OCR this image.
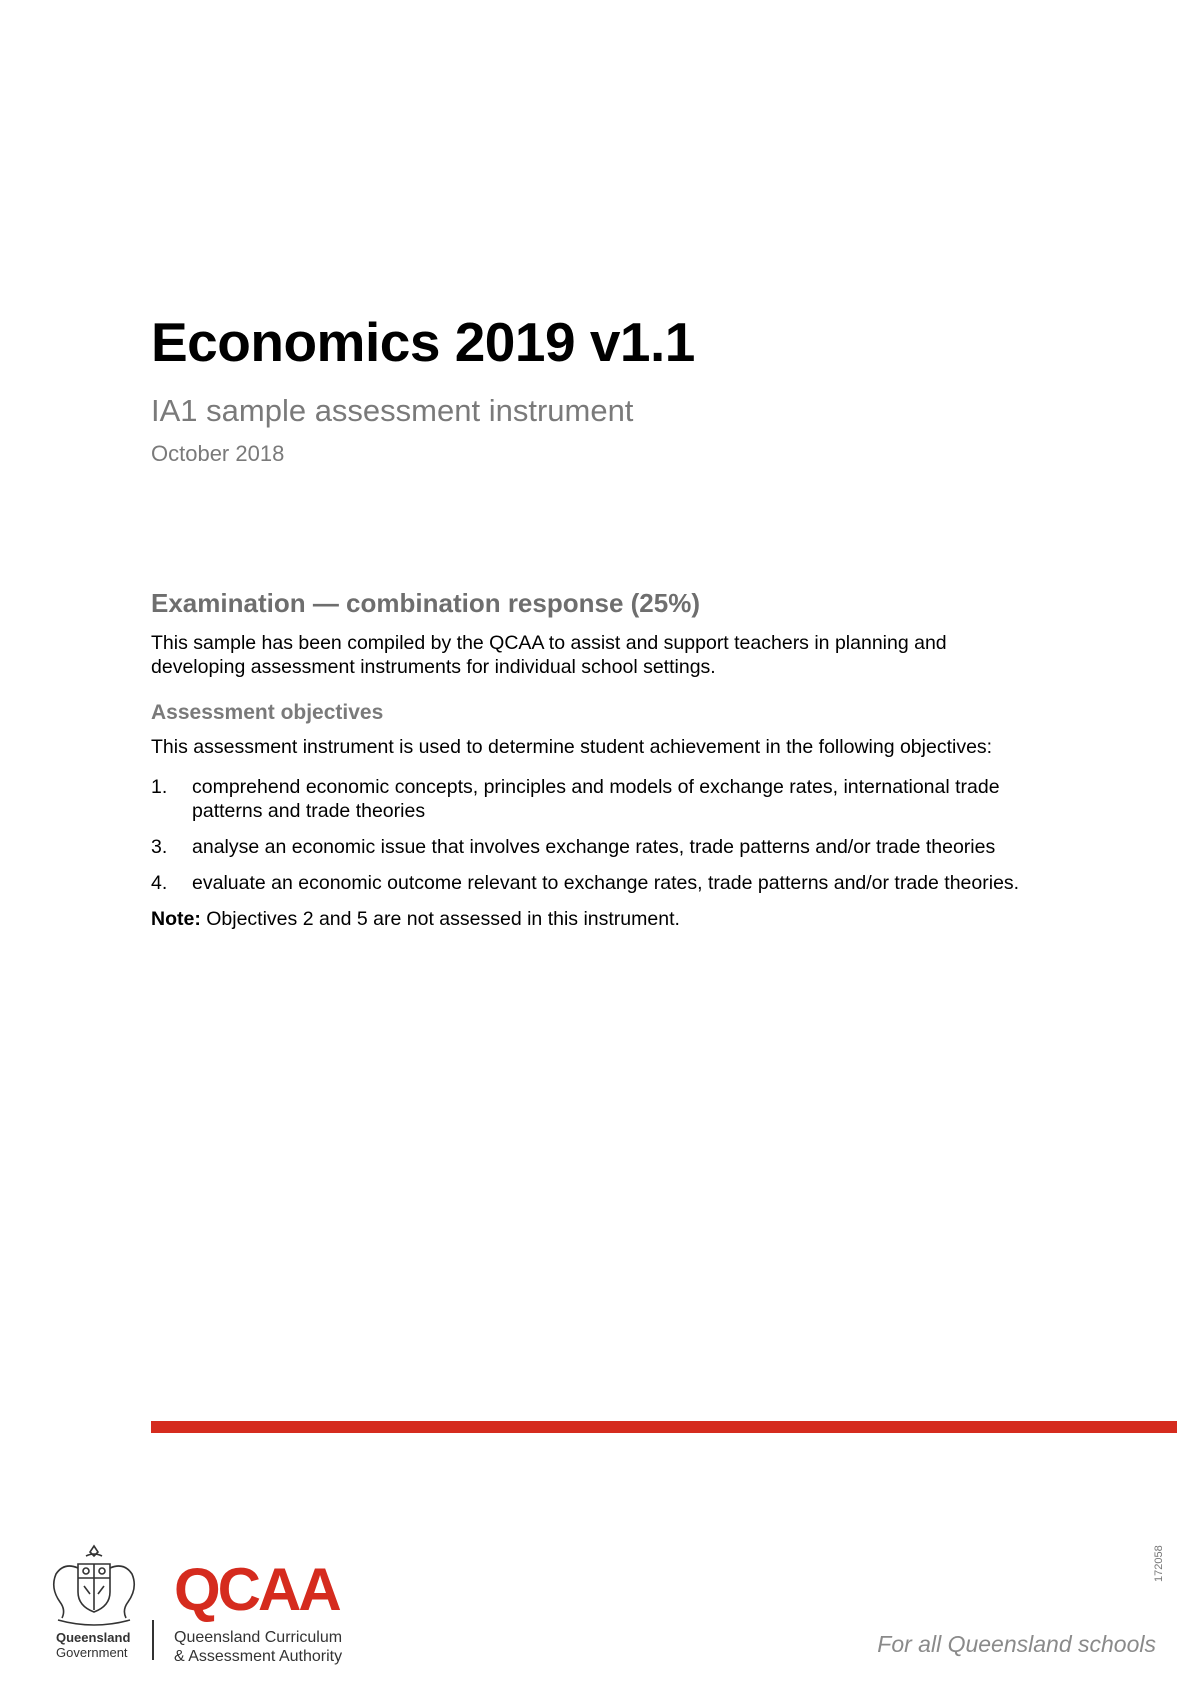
Economics 2019 v1.1

IA1 sample assessment instrument

October 2018

Examination — combination response (25%)

This sample has been compiled by the QCAA to assist and support teachers in planning and developing assessment instruments for individual school settings.

Assessment objectives

This assessment instrument is used to determine student achievement in the following objectives:

1.	comprehend economic concepts, principles and models of exchange rates, international trade patterns and trade theories
3.	analyse an economic issue that involves exchange rates, trade patterns and/or trade theories
4.	evaluate an economic outcome relevant to exchange rates, trade patterns and/or trade theories.

Note: Objectives 2 and 5 are not assessed in this instrument.

Queensland
Government
QCAA
Queensland Curriculum
& Assessment Authority	For all Queensland schools
172058
